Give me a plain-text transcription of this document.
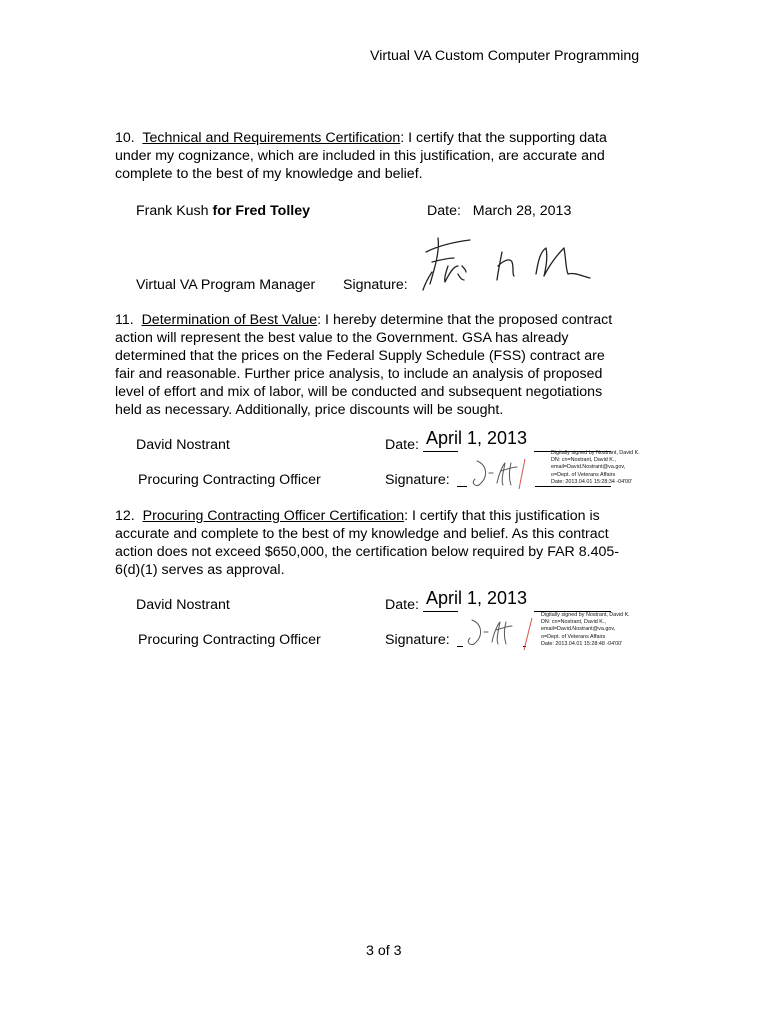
Virtual VA Custom Computer Programming
10. Technical and Requirements Certification: I certify that the supporting data
under my cognizance, which are included in this justification, are accurate and
complete to the best of my knowledge and belief.
Frank Kush for Fred Tolley	Date: March 28, 2013
Virtual VA Program Manager Signature:
11. Determination of Best Value: I hereby determine that the proposed contract
action will represent the best value to the Government. GSA has already
determined that the prices on the Federal Supply Schedule (FSS) contract are
fair and reasonable. Further price analysis, to include an analysis of proposed
level of effort and mix of labor, will be conducted and subsequent negotiations
held as necessary. Additionally, price discounts will be sought.
David Nostrant	Date: April 1, 2013
Procuring Contracting Officer	Signature:
Digitally signed by Nostrant, David K.
DN: cn=Nostrant, David K.,
email=David.Nostrant@va.gov,
o=Dept. of Veterans Affairs
Date: 2013.04.01 15:28:34 -04'00'
12. Procuring Contracting Officer Certification: I certify that this justification is
accurate and complete to the best of my knowledge and belief. As this contract
action does not exceed $650,000, the certification below required by FAR 8.405-
6(d)(1) serves as approval.
David Nostrant	Date: April 1, 2013
Procuring Contracting Officer	Signature:
Digitally signed by Nostrant, David K.
DN: cn=Nostrant, David K.,
email=David.Nostrant@va.gov,
o=Dept. of Veterans Affairs
Date: 2013.04.01 15:28:48 -04'00'
3 of 3
